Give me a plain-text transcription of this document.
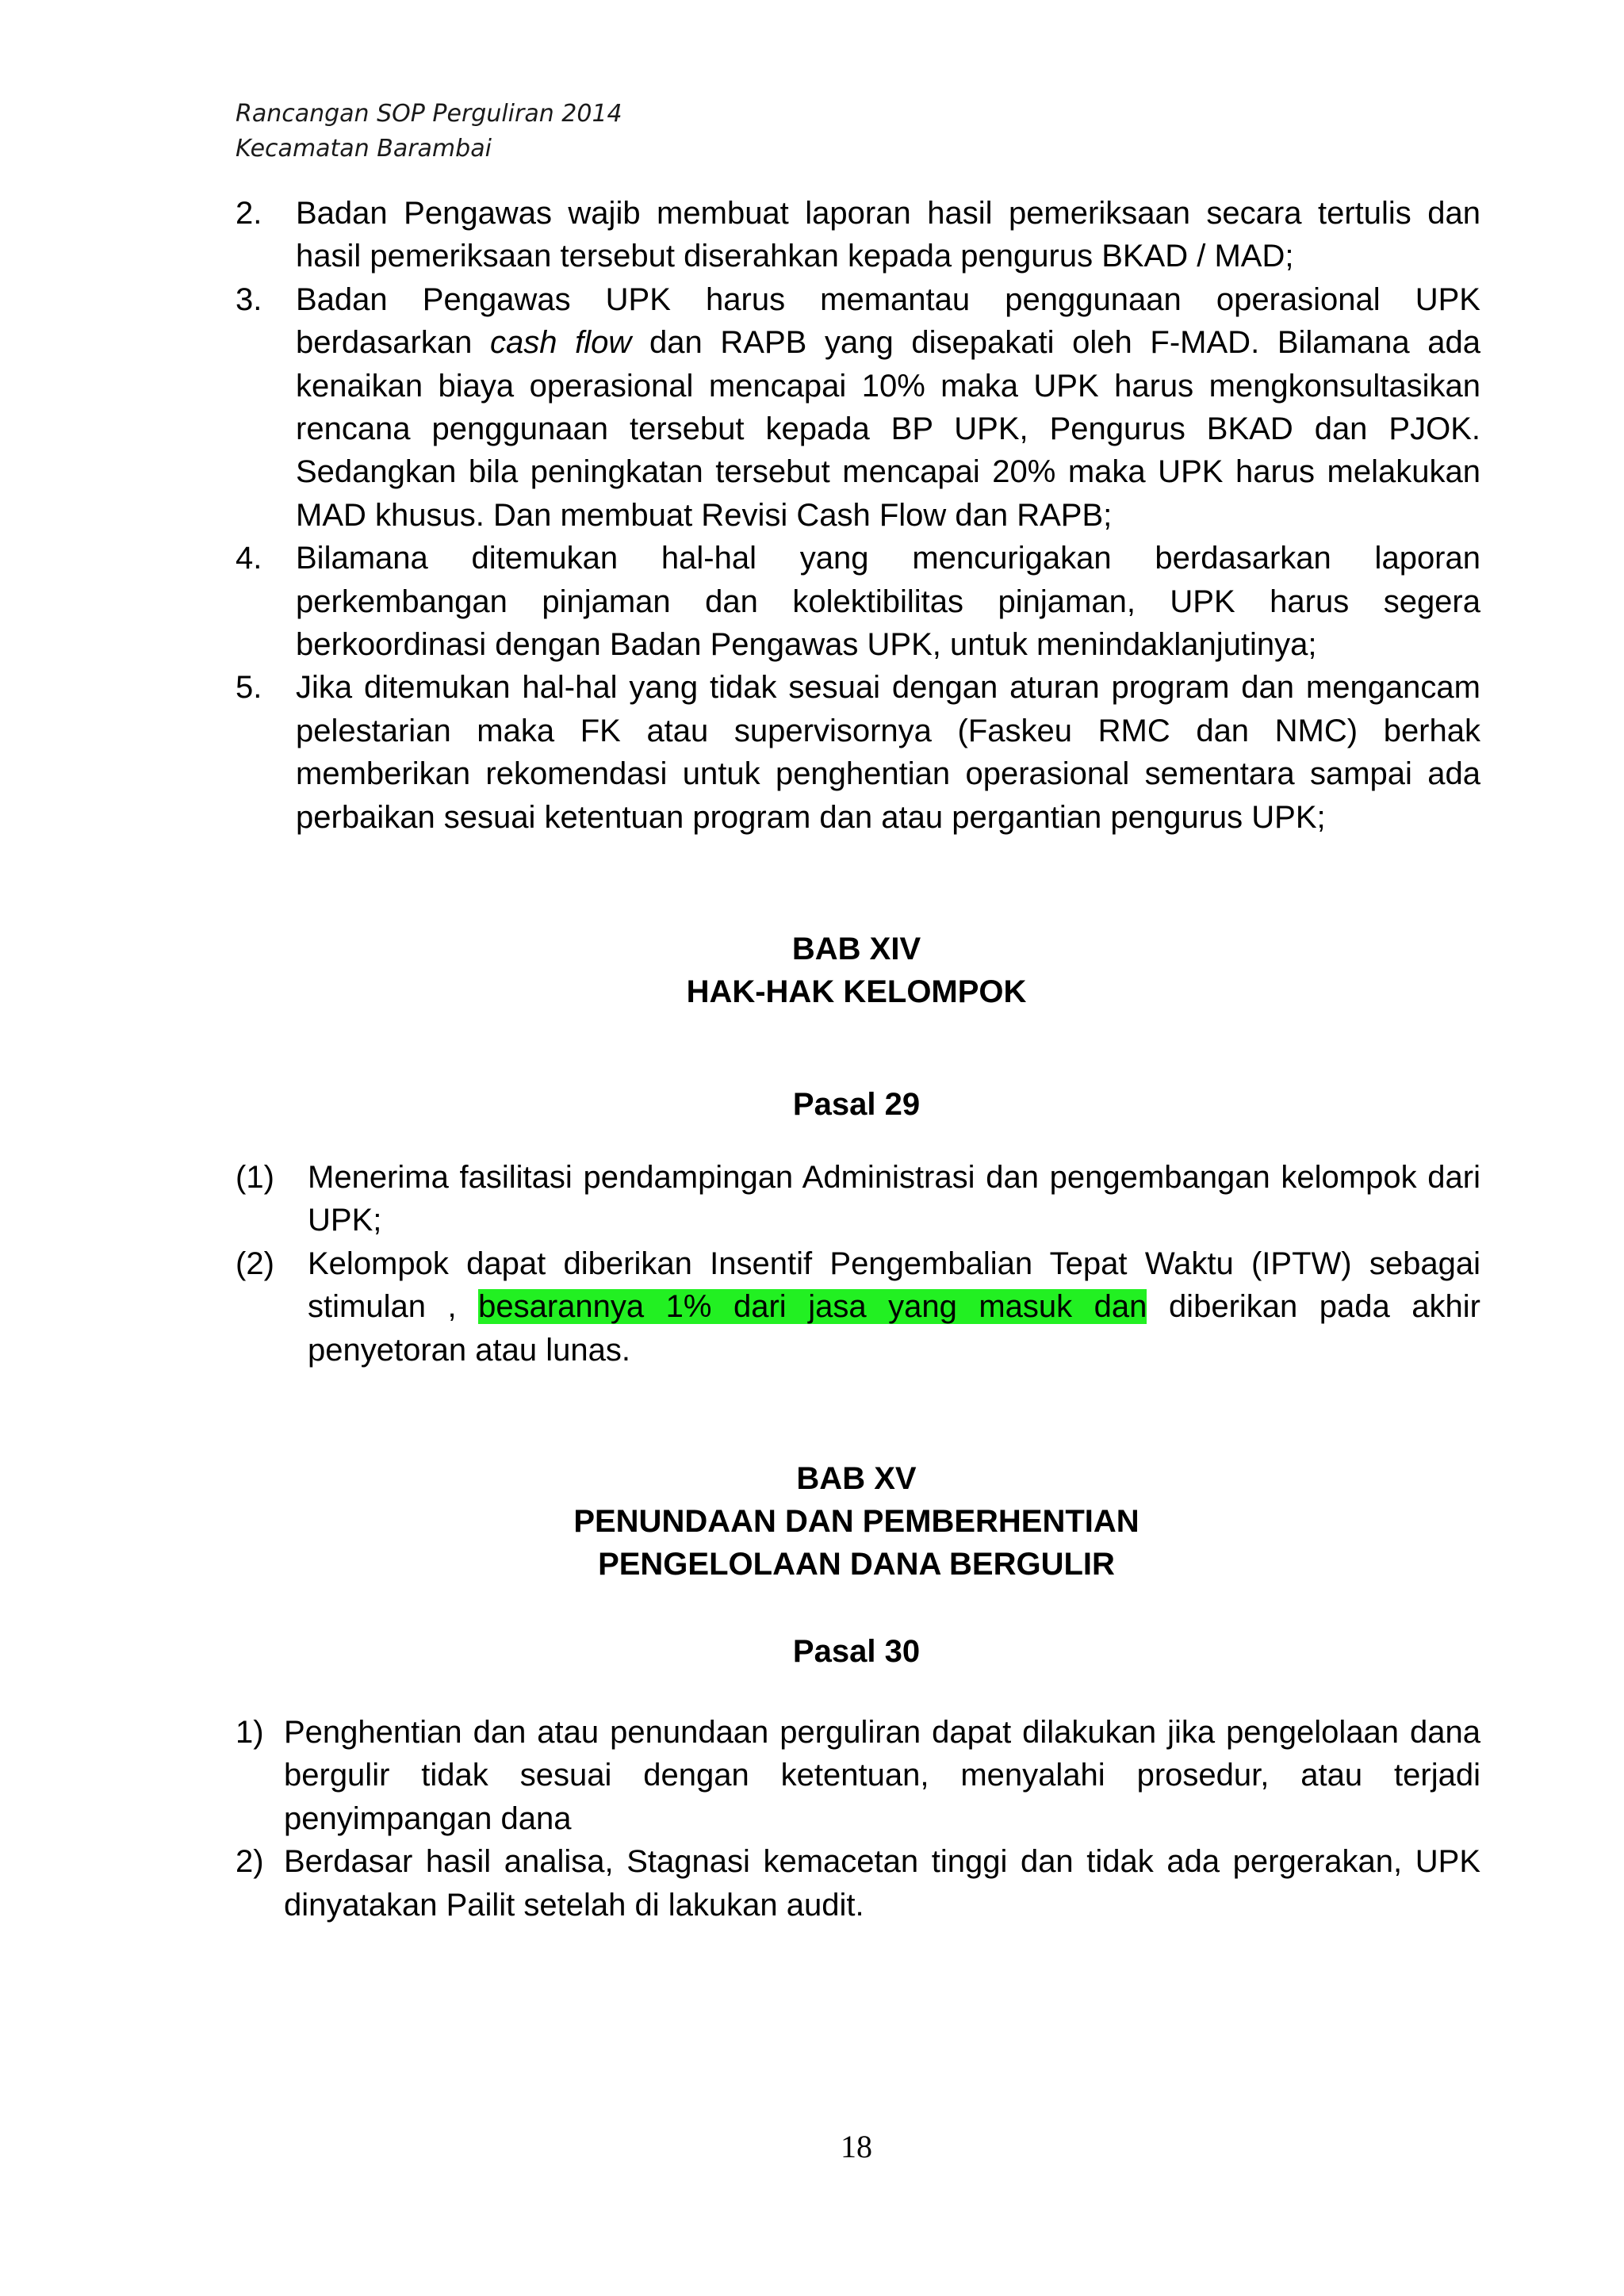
Rancangan SOP Perguliran 2014
Kecamatan Barambai
2. Badan Pengawas wajib membuat laporan hasil pemeriksaan secara tertulis dan hasil pemeriksaan tersebut diserahkan kepada pengurus BKAD / MAD;
3. Badan Pengawas UPK harus memantau penggunaan operasional UPK berdasarkan cash flow dan RAPB yang disepakati oleh F-MAD. Bilamana ada kenaikan biaya operasional mencapai 10% maka UPK harus mengkonsultasikan rencana penggunaan tersebut kepada BP UPK, Pengurus BKAD dan PJOK. Sedangkan bila peningkatan tersebut mencapai 20% maka UPK harus melakukan MAD khusus. Dan membuat Revisi Cash Flow dan RAPB;
4. Bilamana ditemukan hal-hal yang mencurigakan berdasarkan laporan perkembangan pinjaman dan kolektibilitas pinjaman, UPK harus segera berkoordinasi dengan Badan Pengawas UPK, untuk menindaklanjutinya;
5. Jika ditemukan hal-hal yang tidak sesuai dengan aturan program dan mengancam pelestarian maka FK atau supervisornya (Faskeu RMC dan NMC) berhak memberikan rekomendasi untuk penghentian operasional sementara sampai ada perbaikan sesuai ketentuan program dan atau pergantian pengurus UPK;
BAB XIV
HAK-HAK KELOMPOK
Pasal 29
(1) Menerima fasilitasi pendampingan Administrasi dan pengembangan kelompok dari UPK;
(2) Kelompok dapat diberikan Insentif Pengembalian Tepat Waktu (IPTW) sebagai stimulan , besarannya 1% dari jasa yang masuk dan diberikan pada akhir penyetoran atau lunas.
BAB XV
PENUNDAAN DAN PEMBERHENTIAN
PENGELOLAAN DANA BERGULIR
Pasal 30
1) Penghentian dan atau penundaan perguliran dapat dilakukan jika pengelolaan dana bergulir tidak sesuai dengan ketentuan, menyalahi prosedur, atau terjadi penyimpangan dana
2) Berdasar hasil analisa, Stagnasi kemacetan tinggi dan tidak ada pergerakan, UPK dinyatakan Pailit setelah di lakukan audit.
18
